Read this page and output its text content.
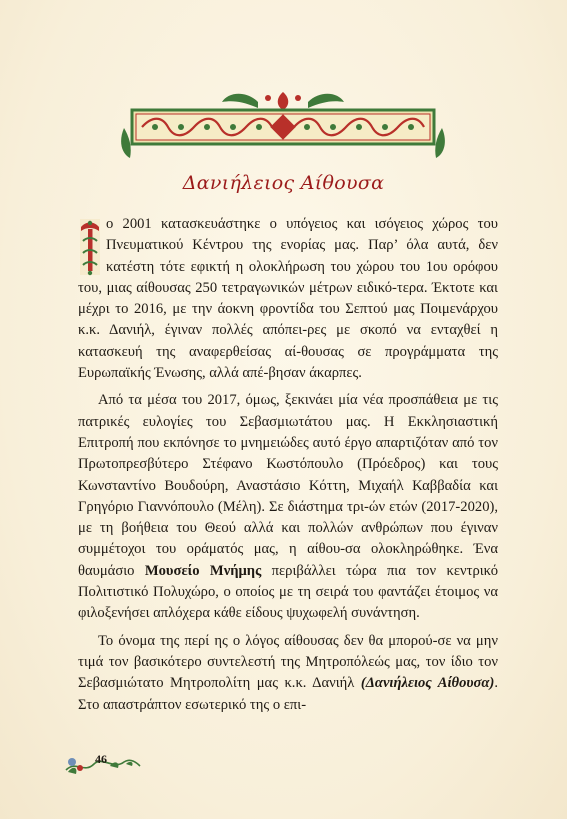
Δανιήλειος Αίθουσα

Τ ο 2001 κατασκευάστηκε ο υπόγειος και ισόγειος χώρος του Πνευματικού Κέντρου της ενορίας μας. Παρ’ όλα αυτά, δεν κατέστη τότε εφικτή η ολοκλήρωση του χώρου του 1ου ορόφου του, μιας αίθουσας 250 τετραγωνικών μέτρων ειδικό-τερα. Έκτοτε και μέχρι το 2016, με την άοκνη φροντίδα του Σεπτού μας Ποιμενάρχου κ.κ. Δανιήλ, έγιναν πολλές απόπει-ρες με σκοπό να ενταχθεί η κατασκευή της αναφερθείσας αί-θουσας σε προγράμματα της Ευρωπαϊκής Ένωσης, αλλά απέ-βησαν άκαρπες.

Από τα μέσα του 2017, όμως, ξεκινάει μία νέα προσπάθεια με τις πατρικές ευλογίες του Σεβασμιωτάτου μας. Η Εκκλησιαστική Επιτροπή που εκπόνησε το μνημειώδες αυτό έργο απαρτιζόταν από τον Πρωτοπρεσβύτερο Στέφανο Κωστόπουλο (Πρόεδρος) και τους Κωνσταντίνο Βουδούρη, Αναστάσιο Κόττη, Μιχαήλ Καββαδία και Γρηγόριο Γιαννόπουλο (Μέλη). Σε διάστημα τρι-ών ετών (2017-2020), με τη βοήθεια του Θεού αλλά και πολλών ανθρώπων που έγιναν συμμέτοχοι του οράματός μας, η αίθου-σα ολοκληρώθηκε. Ένα θαυμάσιο Μουσείο Μνήμης περιβάλλει τώρα πια τον κεντρικό Πολιτιστικό Πολυχώρο, ο οποίος με τη σειρά του φαντάζει έτοιμος να φιλοξενήσει απλόχερα κάθε είδους ψυχωφελή συνάντηση.

Το όνομα της περί ης ο λόγος αίθουσας δεν θα μπορού-σε να μην τιμά τον βασικότερο συντελεστή της Μητροπόλεώς μας, τον ίδιο τον Σεβασμιώτατο Μητροπολίτη μας κ.κ. Δανιήλ (Δανιήλειος Αίθουσα). Στο απαστράπτον εσωτερικό της ο επι-

46
